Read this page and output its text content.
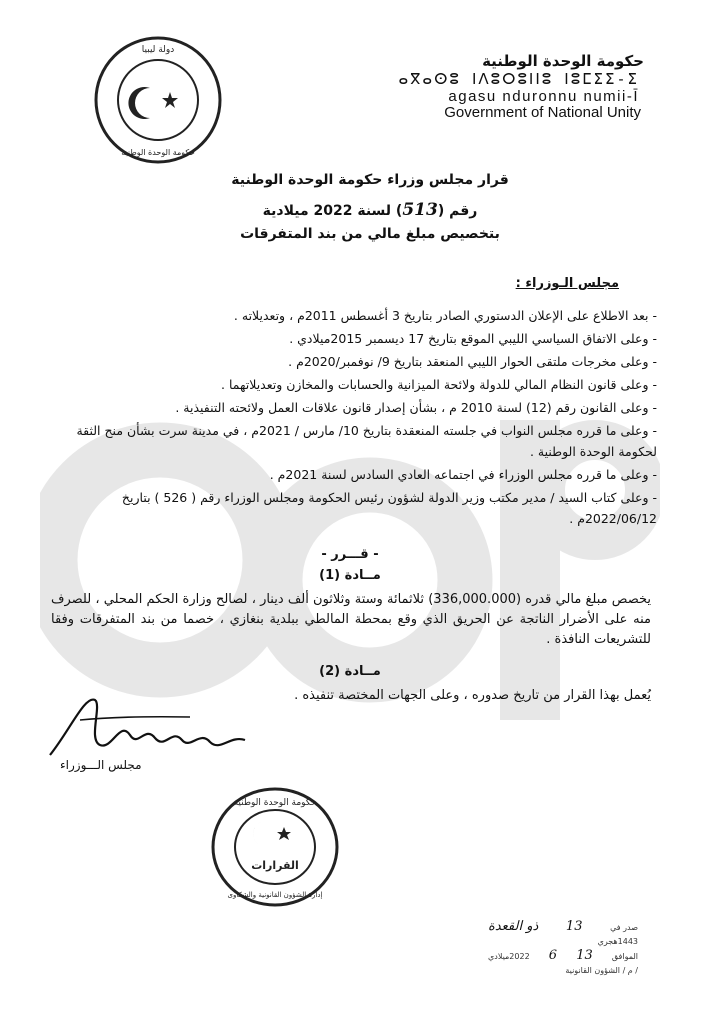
دولة ليبيا
حكومة الوحدة الوطنية
حكومة الوحدة الوطنية
ⴰⴳⴰⵙⵓ ⵏⴷⵓⵔⵓⵏⵏⵓ ⵏⵓⵎⵉⵉ-ⵉ
agasu nduronnu numii-Ī
Government of National Unity
قرار مجلس وزراء حكومة الوحدة الوطنية
رقم (513) لسنة 2022 ميلادية
بتخصيص مبلغ مالي من بند المتفرقات
مجلس الـوزراء :
- بعد الاطلاع على الإعلان الدستوري الصادر بتاريخ 3 أغسطس 2011م ، وتعديلاته .
- وعلى الاتفاق السياسي الليبي الموقع بتاريخ 17 ديسمبر 2015ميلادي .
- وعلى مخرجات ملتقى الحوار الليبي المنعقد بتاريخ 9/ نوفمبر/2020م .
- وعلى قانون النظام المالي للدولة ولائحة الميزانية والحسابات والمخازن وتعديلاتهما .
- وعلى القانون رقم (12) لسنة 2010 م ، بشأن إصدار قانون علاقات العمل ولائحته التنفيذية .
- وعلى ما قرره مجلس النواب في جلسته المنعقدة بتاريخ 10/ مارس / 2021م ، في مدينة سرت بشأن منح الثقة لحكومة الوحدة الوطنية .
- وعلى ما قرره مجلس الوزراء في اجتماعه العادي السادس لسنة 2021م .
- وعلى كتاب السيد / مدير مكتب وزير الدولة لشؤون رئيس الحكومة ومجلس الوزراء رقم ( 526 ) بتاريخ 2022/06/12م .
- قـــرر -
مــادة (1)
يخصص مبلغ مالي قدره (336,000.000) ثلاثمائة وستة وثلاثون ألف دينار ، لصالح وزارة الحكم المحلي ، للصرف منه على الأضرار الناتجة عن الحريق الذي وقع بمحطة المالطي ببلدية بنغازي ، خصما من بند المتفرقات وفقا للتشريعات النافذة .
مــادة (2)
يُعمل بهذا القرار من تاريخ صدوره ، وعلى الجهات المختصة تنفيذه .
مجلس الـــوزراء
حكومة الوحدة الوطنية
القرارات
إدارة الشؤون القانونية والشكاوى
صدر في
13
ذو القعدة
1443هجري
الموافق
13
6
2022ميلادي
/ م / الشؤون القانونية
